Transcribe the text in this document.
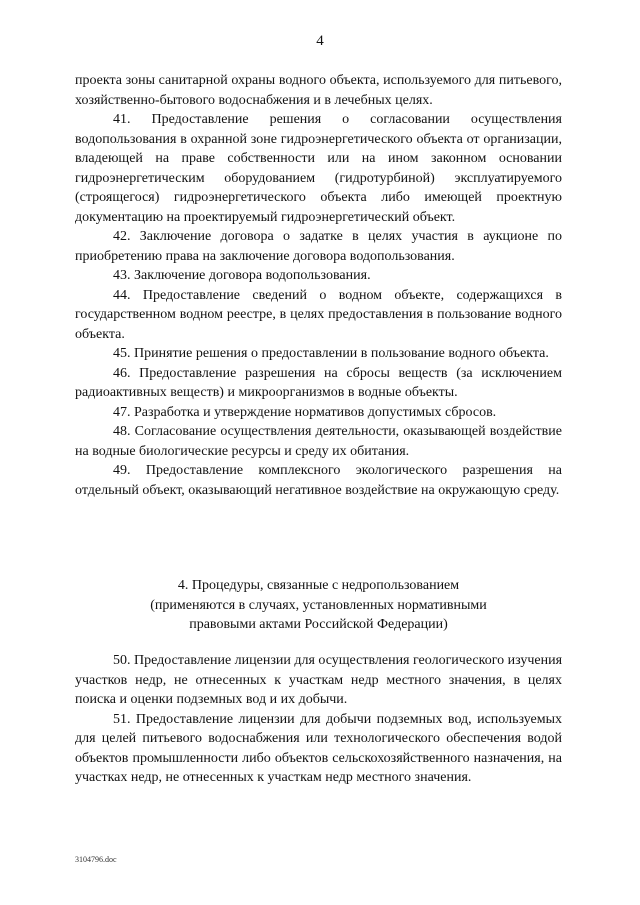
4

проекта зоны санитарной охраны водного объекта, используемого для питьевого, хозяйственно-бытового водоснабжения и в лечебных целях.

41. Предоставление решения о согласовании осуществления водопользования в охранной зоне гидроэнергетического объекта от организации, владеющей на праве собственности или на ином законном основании гидроэнергетическим оборудованием (гидротурбиной) эксплуатируемого (строящегося) гидроэнергетического объекта либо имеющей проектную документацию на проектируемый гидроэнергетический объект.

42. Заключение договора о задатке в целях участия в аукционе по приобретению права на заключение договора водопользования.

43. Заключение договора водопользования.

44. Предоставление сведений о водном объекте, содержащихся в государственном водном реестре, в целях предоставления в пользование водного объекта.

45. Принятие решения о предоставлении в пользование водного объекта.

46. Предоставление разрешения на сбросы веществ (за исключением радиоактивных веществ) и микроорганизмов в водные объекты.

47. Разработка и утверждение нормативов допустимых сбросов.

48. Согласование осуществления деятельности, оказывающей воздействие на водные биологические ресурсы и среду их обитания.

49. Предоставление комплексного экологического разрешения на отдельный объект, оказывающий негативное воздействие на окружающую среду.

4. Процедуры, связанные с недропользованием
(применяются в случаях, установленных нормативными
правовыми актами Российской Федерации)

50. Предоставление лицензии для осуществления геологического изучения участков недр, не отнесенных к участкам недр местного значения, в целях поиска и оценки подземных вод и их добычи.

51. Предоставление лицензии для добычи подземных вод, используемых для целей питьевого водоснабжения или технологического обеспечения водой объектов промышленности либо объектов сельскохозяйственного назначения, на участках недр, не отнесенных к участкам недр местного значения.

3104796.doc
